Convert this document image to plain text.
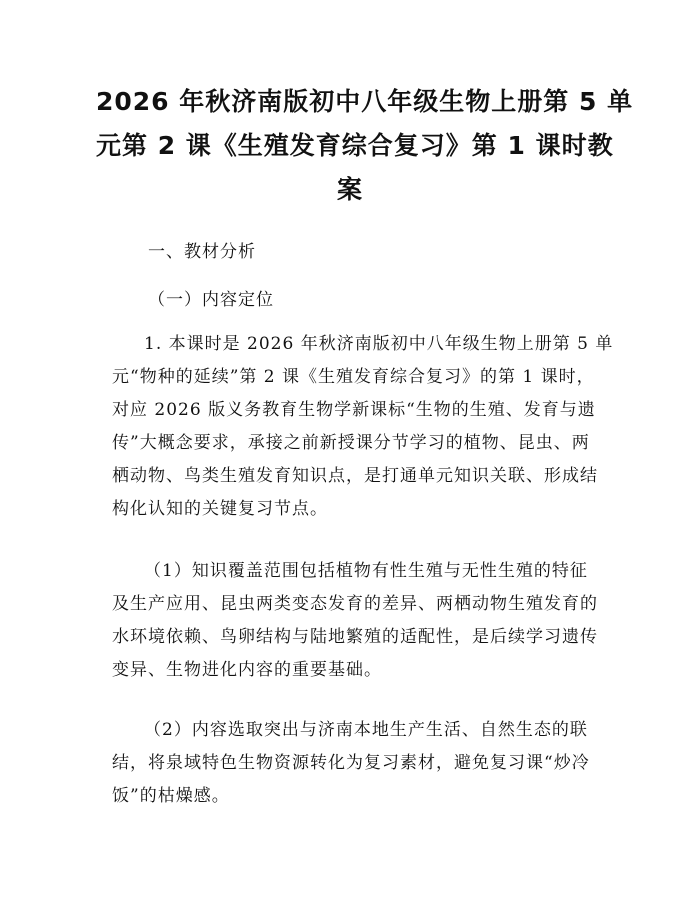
2026 年秋济南版初中八年级生物上册第 5 单
元第 2 课《生殖发育综合复习》第 1 课时教
案

一、教材分析

（一）内容定位

1. 本课时是 2026 年秋济南版初中八年级生物上册第 5 单
元“物种的延续”第 2 课《生殖发育综合复习》的第 1 课时，
对应 2026 版义务教育生物学新课标“生物的生殖、发育与遗
传”大概念要求，承接之前新授课分节学习的植物、昆虫、两
栖动物、鸟类生殖发育知识点，是打通单元知识关联、形成结
构化认知的关键复习节点。

（1）知识覆盖范围包括植物有性生殖与无性生殖的特征
及生产应用、昆虫两类变态发育的差异、两栖动物生殖发育的
水环境依赖、鸟卵结构与陆地繁殖的适配性，是后续学习遗传
变异、生物进化内容的重要基础。

（2）内容选取突出与济南本地生产生活、自然生态的联
结，将泉域特色生物资源转化为复习素材，避免复习课“炒冷
饭”的枯燥感。
